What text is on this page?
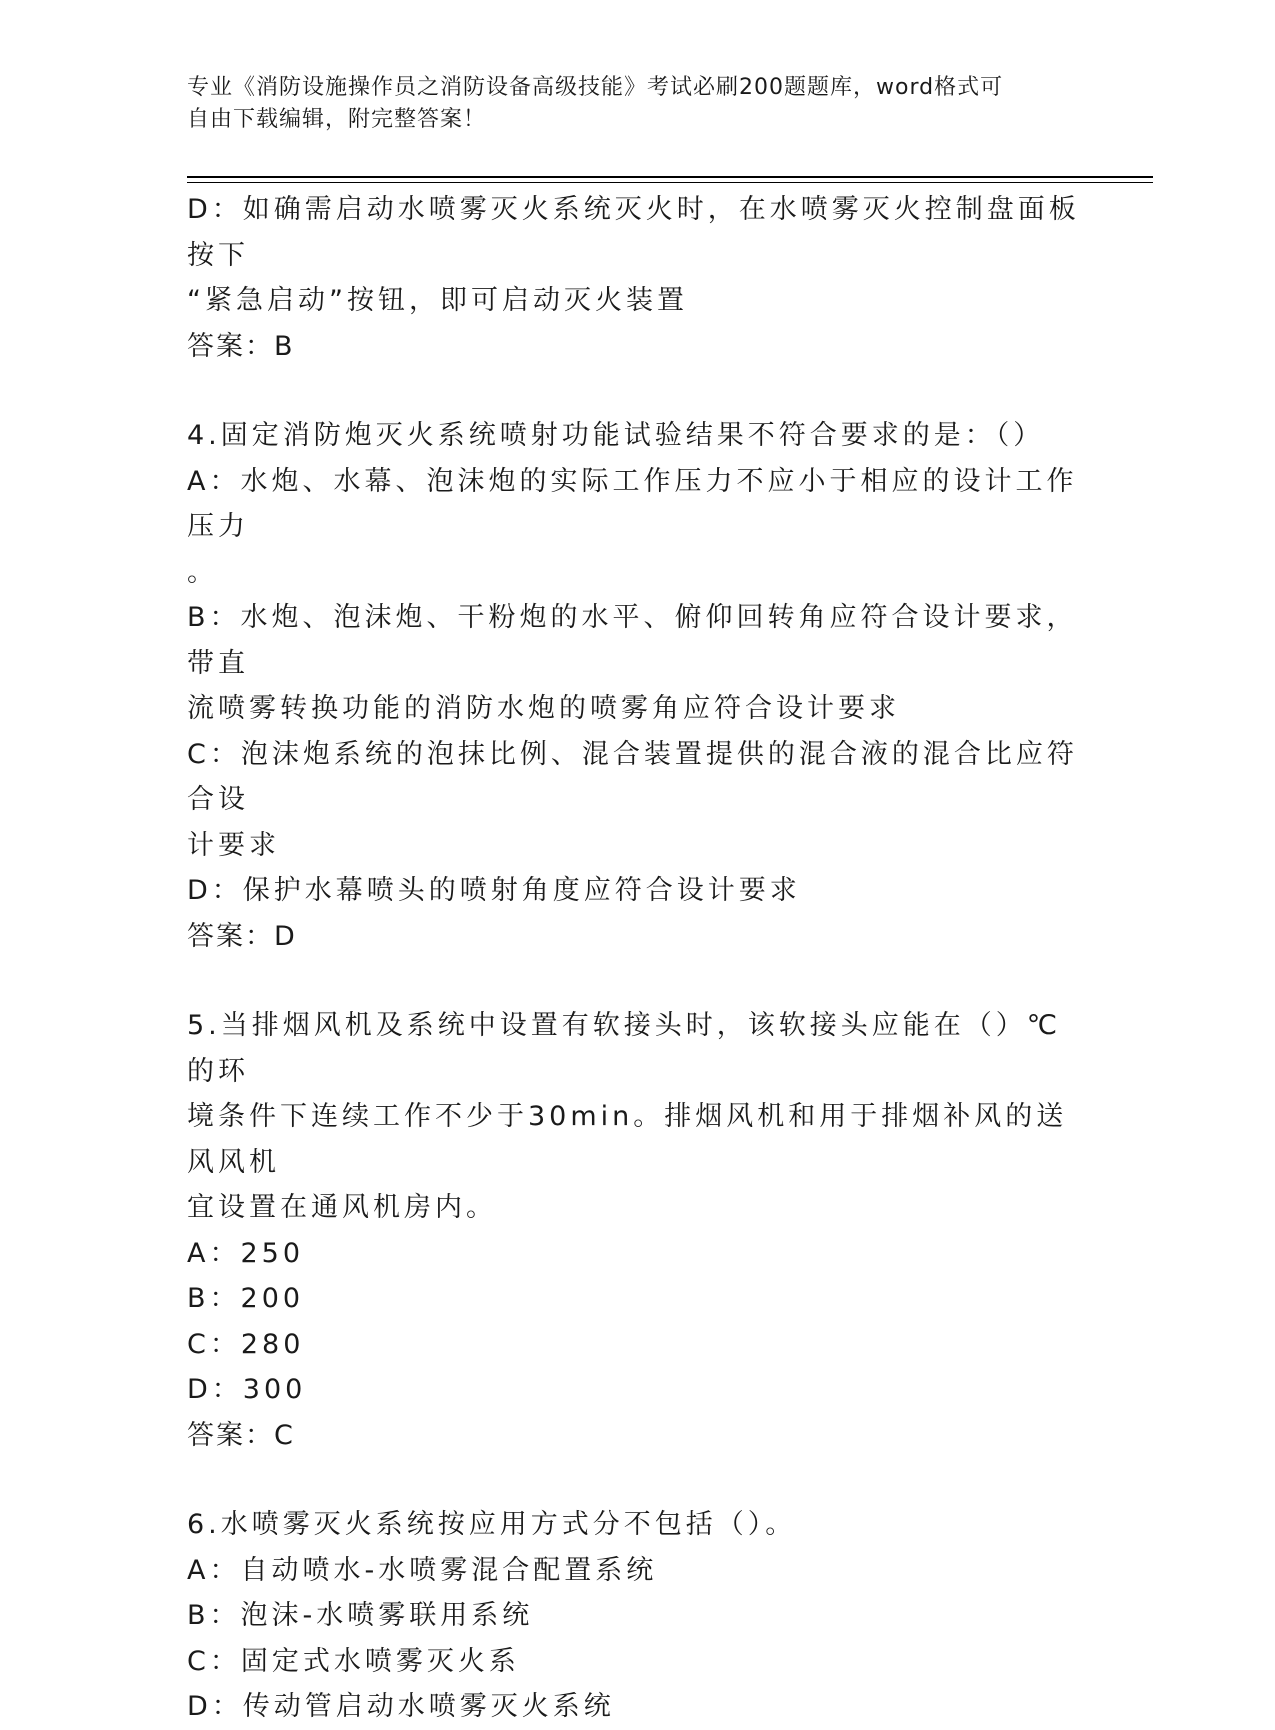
专业《消防设施操作员之消防设备高级技能》考试必刷200题题库，word格式可
自由下载编辑，附完整答案！
D：如确需启动水喷雾灭火系统灭火时，在水喷雾灭火控制盘面板按下
“紧急启动”按钮，即可启动灭火装置
答案：B
4.固定消防炮灭火系统喷射功能试验结果不符合要求的是：（）
A：水炮、水幕、泡沫炮的实际工作压力不应小于相应的设计工作压力
。
B：水炮、泡沫炮、干粉炮的水平、俯仰回转角应符合设计要求，带直
流喷雾转换功能的消防水炮的喷雾角应符合设计要求
C：泡沫炮系统的泡抹比例、混合装置提供的混合液的混合比应符合设
计要求
D：保护水幕喷头的喷射角度应符合设计要求
答案：D
5.当排烟风机及系统中设置有软接头时，该软接头应能在（）℃的环
境条件下连续工作不少于30min。排烟风机和用于排烟补风的送风风机
宜设置在通风机房内。
A：250
B：200
C：280
D：300
答案：C
6.水喷雾灭火系统按应用方式分不包括（）。
A：自动喷水-水喷雾混合配置系统
B：泡沫-水喷雾联用系统
C：固定式水喷雾灭火系
D：传动管启动水喷雾灭火系统
